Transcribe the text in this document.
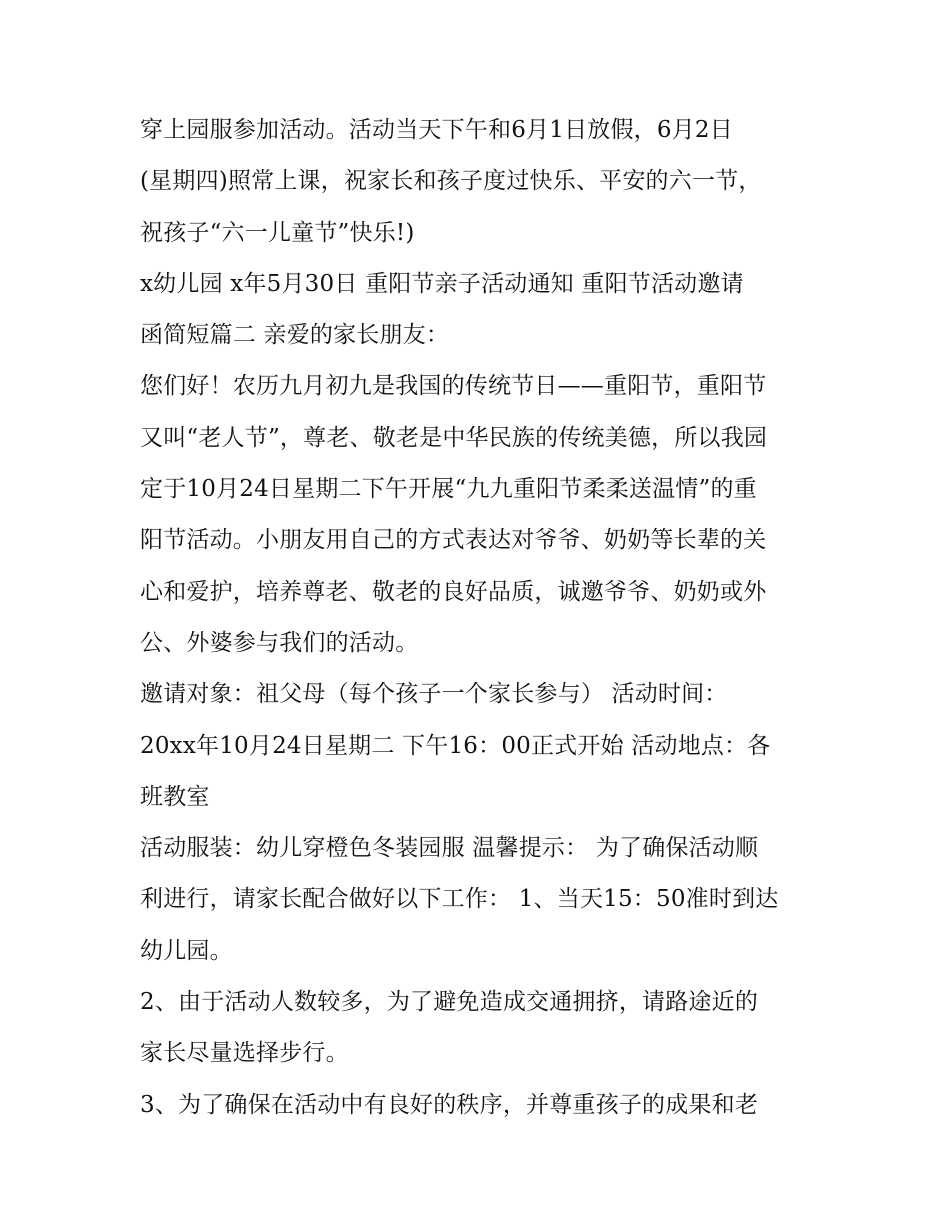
穿上园服参加活动。活动当天下午和6月1日放假，6月2日
(星期四)照常上课，祝家长和孩子度过快乐、平安的六一节，
祝孩子“六一儿童节”快乐!)
x幼儿园 x年5月30日 重阳节亲子活动通知 重阳节活动邀请
函简短篇二 亲爱的家长朋友：
您们好！农历九月初九是我国的传统节日——重阳节，重阳节
又叫“老人节”，尊老、敬老是中华民族的传统美德，所以我园
定于10月24日星期二下午开展“九九重阳节柔柔送温情”的重
阳节活动。小朋友用自己的方式表达对爷爷、奶奶等长辈的关
心和爱护，培养尊老、敬老的良好品质，诚邀爷爷、奶奶或外
公、外婆参与我们的活动。
邀请对象：祖父母（每个孩子一个家长参与） 活动时间：
20xx年10月24日星期二 下午16：00正式开始 活动地点：各
班教室
活动服装：幼儿穿橙色冬装园服 温馨提示： 为了确保活动顺
利进行，请家长配合做好以下工作： 1、当天15：50准时到达
幼儿园。
2、由于活动人数较多，为了避免造成交通拥挤，请路途近的
家长尽量选择步行。
3、为了确保在活动中有良好的秩序，并尊重孩子的成果和老
